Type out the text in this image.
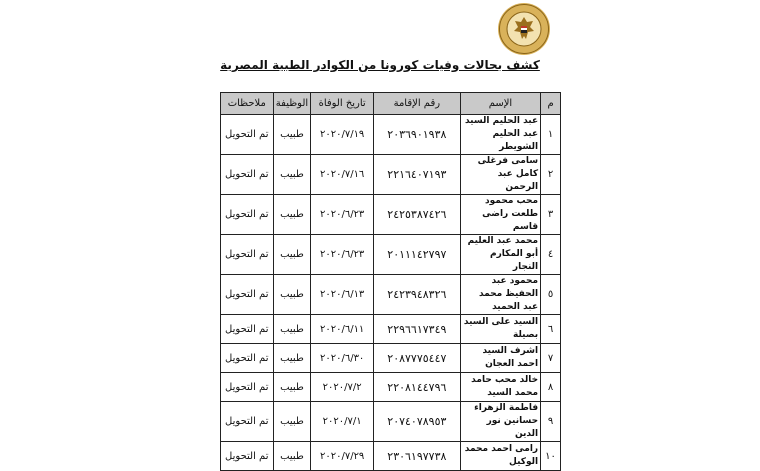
كشف بحالات وفيات كورونا من الكوادر الطبية المصرية
م	الإسم	رقم الإقامة	تاريخ الوفاة	الوظيفة	ملاحظات
١	عبد الحليم السيد عبد الحليم الشويطر	٢٠٣٦٩٠١٩٣٨	٢٠٢٠/٧/١٩	طبيب	تم التحويل
٢	سامى فرغلى كامل عبد الرحمن	٢٢١٦٤٠٧١٩٣	٢٠٢٠/٧/١٦	طبيب	تم التحويل
٣	محب محمود طلعت راضى قاسم	٢٤٢٥٣٨٧٤٢٦	٢٠٢٠/٦/٢٣	طبيب	تم التحويل
٤	محمد عبد العليم أبو المكارم النجار	٢٠١١١٤٢٧٩٧	٢٠٢٠/٦/٢٣	طبيب	تم التحويل
٥	محمود عبد الحفيظ محمد عبد الحميد	٢٤٢٣٩٤٨٣٢٦	٢٠٢٠/٦/١٣	طبيب	تم التحويل
٦	السيد على السيد بصيلة	٢٢٩٦٦١٧٣٤٩	٢٠٢٠/٦/١١	طبيب	تم التحويل
٧	اشرف السيد احمد العجان	٢٠٨٧٧٧٥٤٤٧	٢٠٢٠/٦/٣٠	طبيب	تم التحويل
٨	خالد محب حامد محمد السيد	٢٢٠٨١٤٤٧٩٦	٢٠٢٠/٧/٢	طبيب	تم التحويل
٩	فاطمة الزهراء حسانين نور الدين	٢٠٧٤٠٧٨٩٥٣	٢٠٢٠/٧/١	طبيب	تم التحويل
١٠	رامى احمد محمد الوكيل	٢٣٠٦١٩٧٧٣٨	٢٠٢٠/٧/٢٩	طبيب	تم التحويل
